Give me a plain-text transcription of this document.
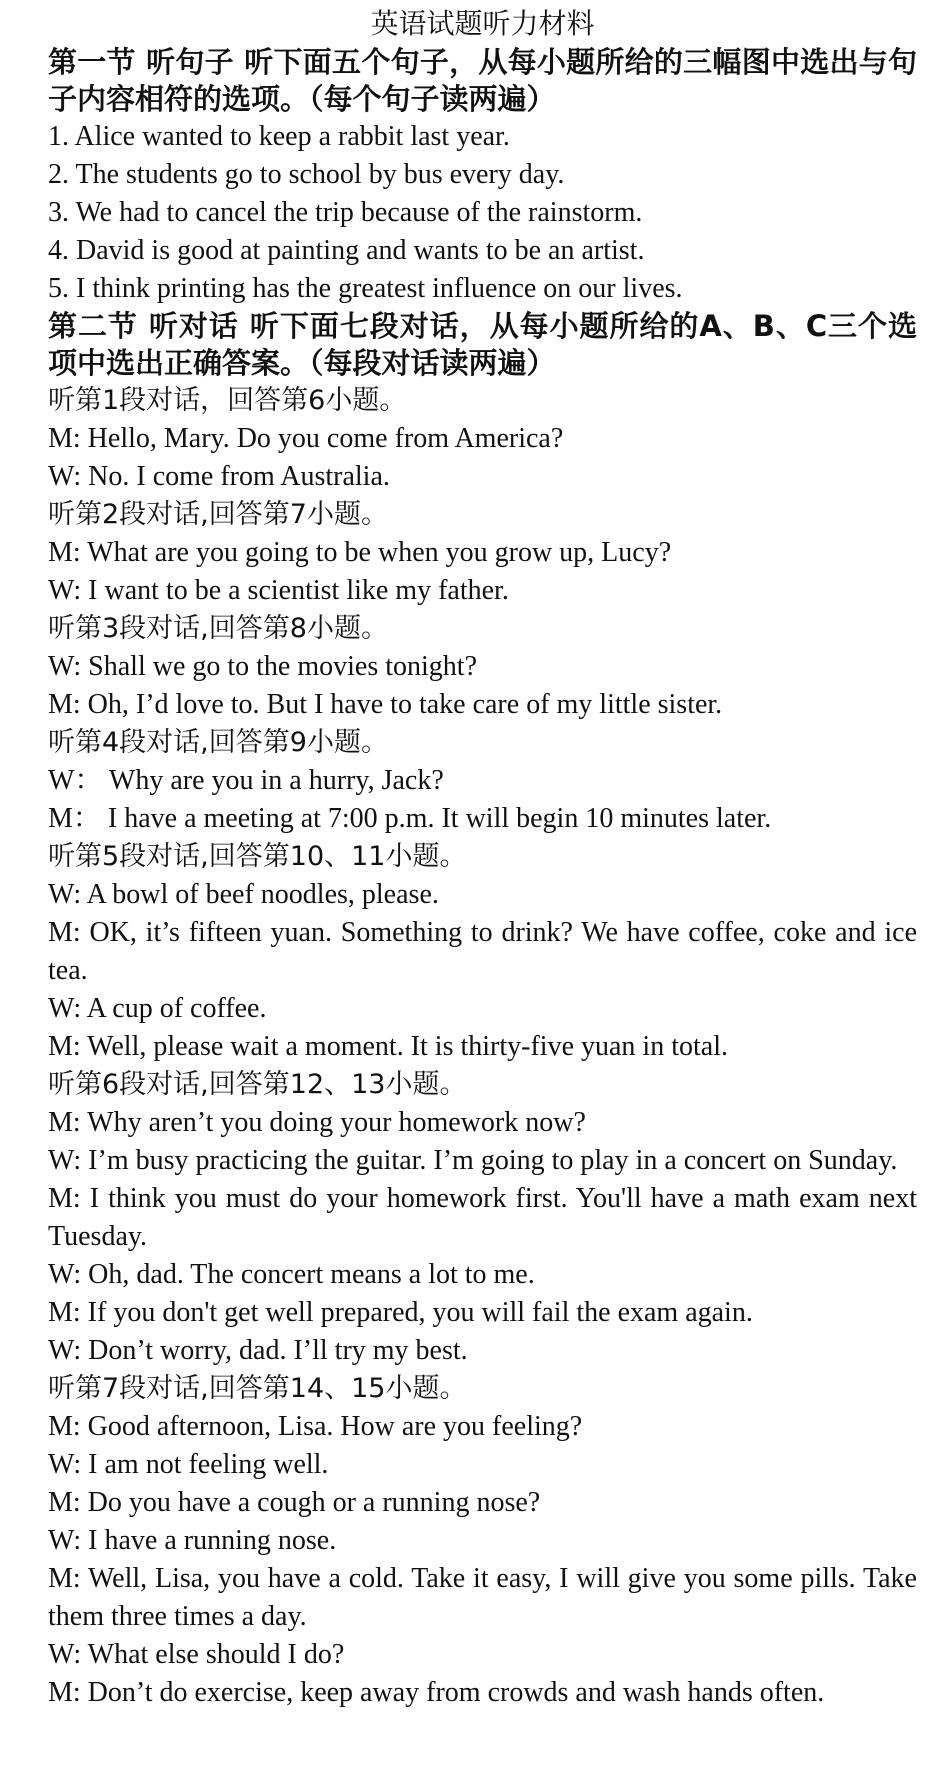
英语试题听力材料

第一节 听句子 听下面五个句子，从每小题所给的三幅图中选出与句子内容相符的选项。（每个句子读两遍）

1. Alice wanted to keep a rabbit last year.

2. The students go to school by bus every day.

3. We had to cancel the trip because of the rainstorm.

4. David is good at painting and wants to be an artist.

5. I think printing has the greatest influence on our lives.

第二节 听对话 听下面七段对话，从每小题所给的A、B、C三个选项中选出正确答案。（每段对话读两遍）

听第1段对话，回答第6小题。

M: Hello, Mary. Do you come from America?

W: No. I come from Australia.

听第2段对话,回答第7小题。

M: What are you going to be when you grow up, Lucy?

W: I want to be a scientist like my father.

听第3段对话,回答第8小题。

W: Shall we go to the movies tonight?

M: Oh, I’d love to. But I have to take care of my little sister.

听第4段对话,回答第9小题。

W： Why are you in a hurry, Jack?

M： I have a meeting at 7:00 p.m. It will begin 10 minutes later.

听第5段对话,回答第10、11小题。

W: A bowl of beef noodles, please.

M: OK, it’s fifteen yuan. Something to drink? We have coffee, coke and ice tea.

W: A cup of coffee.

M: Well, please wait a moment. It is thirty-five yuan in total.

听第6段对话,回答第12、13小题。

M: Why aren’t you doing your homework now?

W: I’m busy practicing the guitar. I’m going to play in a concert on Sunday.

M: I think you must do your homework first. You'll have a math exam next Tuesday.

W: Oh, dad. The concert means a lot to me.

M: If you don't get well prepared, you will fail the exam again.

W: Don’t worry, dad. I’ll try my best.

听第7段对话,回答第14、15小题。

M: Good afternoon, Lisa. How are you feeling?

W: I am not feeling well.

M: Do you have a cough or a running nose?

W: I have a running nose.

M: Well, Lisa, you have a cold. Take it easy, I will give you some pills. Take them three times a day.

W: What else should I do?

M: Don’t do exercise, keep away from crowds and wash hands often.
